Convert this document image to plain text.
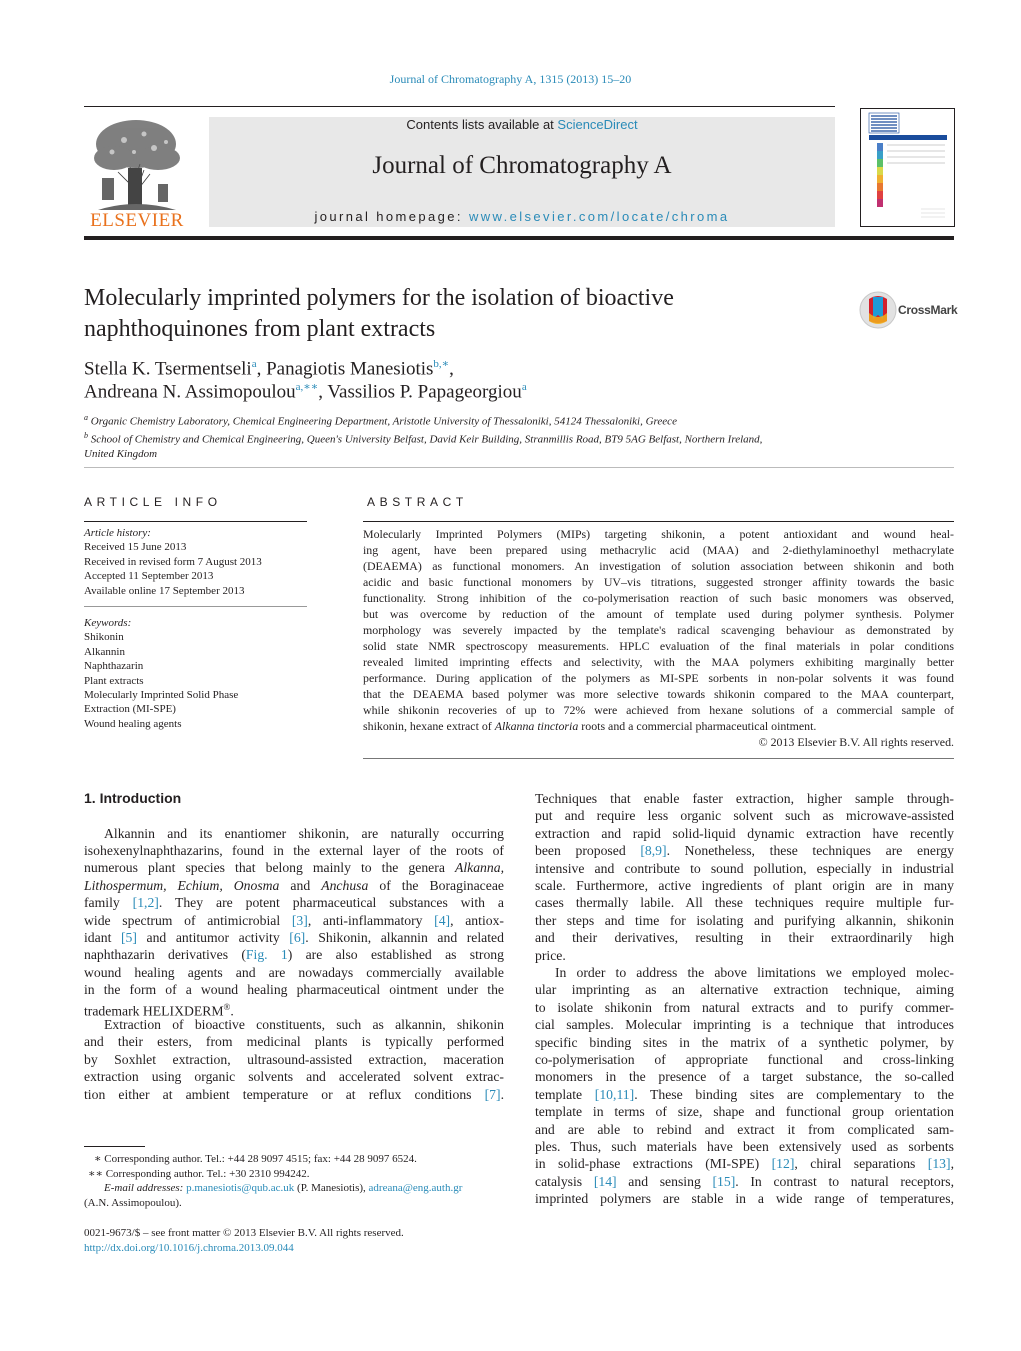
Journal of Chromatography A, 1315 (2013) 15–20
ELSEVIER
Contents lists available at ScienceDirect
Journal of Chromatography A
journal homepage: www.elsevier.com/locate/chroma
Molecularly imprinted polymers for the isolation of bioactive
naphthoquinones from plant extracts
CrossMark
Stella K. Tsermentseli$^a$, Panagiotis Manesiotis$^{b,∗}$,
Andreana N. Assimopoulou$^{a,∗∗}$, Vassilios P. Papageorgiou$^a$
$^a$ Organic Chemistry Laboratory, Chemical Engineering Department, Aristotle University of Thessaloniki, 54124 Thessaloniki, Greece
$^b$ School of Chemistry and Chemical Engineering, Queen's University Belfast, David Keir Building, Stranmillis Road, BT9 5AG Belfast, Northern Ireland,
United Kingdom
ARTICLE INFO
Article history:
Received 15 June 2013
Received in revised form 7 August 2013
Accepted 11 September 2013
Available online 17 September 2013
Keywords:
Shikonin
Alkannin
Naphthazarin
Plant extracts
Molecularly Imprinted Solid Phase
Extraction (MI-SPE)
Wound healing agents
ABSTRACT
Molecularly Imprinted Polymers (MIPs) targeting shikonin, a potent antioxidant and wound heal-
ing agent, have been prepared using methacrylic acid (MAA) and 2-diethylaminoethyl methacrylate
(DEAEMA) as functional monomers. An investigation of solution association between shikonin and both
acidic and basic functional monomers by UV–vis titrations, suggested stronger affinity towards the basic
functionality. Strong inhibition of the co-polymerisation reaction of such basic monomers was observed,
but was overcome by reduction of the amount of template used during polymer synthesis. Polymer
morphology was severely impacted by the template's radical scavenging behaviour as demonstrated by
solid state NMR spectroscopy measurements. HPLC evaluation of the final materials in polar conditions
revealed limited imprinting effects and selectivity, with the MAA polymers exhibiting marginally better
performance. During application of the polymers as MI-SPE sorbents in non-polar solvents it was found
that the DEAEMA based polymer was more selective towards shikonin compared to the MAA counterpart,
while shikonin recoveries of up to 72% were achieved from hexane solutions of a commercial sample of
shikonin, hexane extract of Alkanna tinctoria roots and a commercial pharmaceutical ointment.
© 2013 Elsevier B.V. All rights reserved.
1. Introduction
Alkannin and its enantiomer shikonin, are naturally occurring
isohexenylnaphthazarins, found in the external layer of the roots of
numerous plant species that belong mainly to the genera Alkanna,
Lithospermum, Echium, Onosma and Anchusa of the Boraginaceae
family [1,2]. They are potent pharmaceutical substances with a
wide spectrum of antimicrobial [3], anti-inflammatory [4], antiox-
idant [5] and antitumor activity [6]. Shikonin, alkannin and related
naphthazarin derivatives (Fig. 1) are also established as strong
wound healing agents and are nowadays commercially available
in the form of a wound healing pharmaceutical ointment under the
trademark HELIXDERM®.
Extraction of bioactive constituents, such as alkannin, shikonin
and their esters, from medicinal plants is typically performed
by Soxhlet extraction, ultrasound-assisted extraction, maceration
extraction using organic solvents and accelerated solvent extrac-
tion either at ambient temperature or at reflux conditions [7].
Techniques that enable faster extraction, higher sample through-
put and require less organic solvent such as microwave-assisted
extraction and rapid solid-liquid dynamic extraction have recently
been proposed [8,9]. Nonetheless, these techniques are energy
intensive and contribute to sound pollution, especially in industrial
scale. Furthermore, active ingredients of plant origin are in many
cases thermally labile. All these techniques require multiple fur-
ther steps and time for isolating and purifying alkannin, shikonin
and their derivatives, resulting in their extraordinarily high
price.
In order to address the above limitations we employed molec-
ular imprinting as an alternative extraction technique, aiming
to isolate shikonin from natural extracts and to purify commer-
cial samples. Molecular imprinting is a technique that introduces
specific binding sites in the matrix of a synthetic polymer, by
co-polymerisation of appropriate functional and cross-linking
monomers in the presence of a target substance, the so-called
template [10,11]. These binding sites are complementary to the
template in terms of size, shape and functional group orientation
and are able to rebind and extract it from complicated sam-
ples. Thus, such materials have been extensively used as sorbents
in solid-phase extractions (MI-SPE) [12], chiral separations [13],
catalysis [14] and sensing [15]. In contrast to natural receptors,
imprinted polymers are stable in a wide range of temperatures,
∗ Corresponding author. Tel.: +44 28 9097 4515; fax: +44 28 9097 6524.
∗∗ Corresponding author. Tel.: +30 2310 994242.
E-mail addresses: p.manesiotis@qub.ac.uk (P. Manesiotis), adreana@eng.auth.gr
(A.N. Assimopoulou).
0021-9673/$ – see front matter © 2013 Elsevier B.V. All rights reserved.
http://dx.doi.org/10.1016/j.chroma.2013.09.044
